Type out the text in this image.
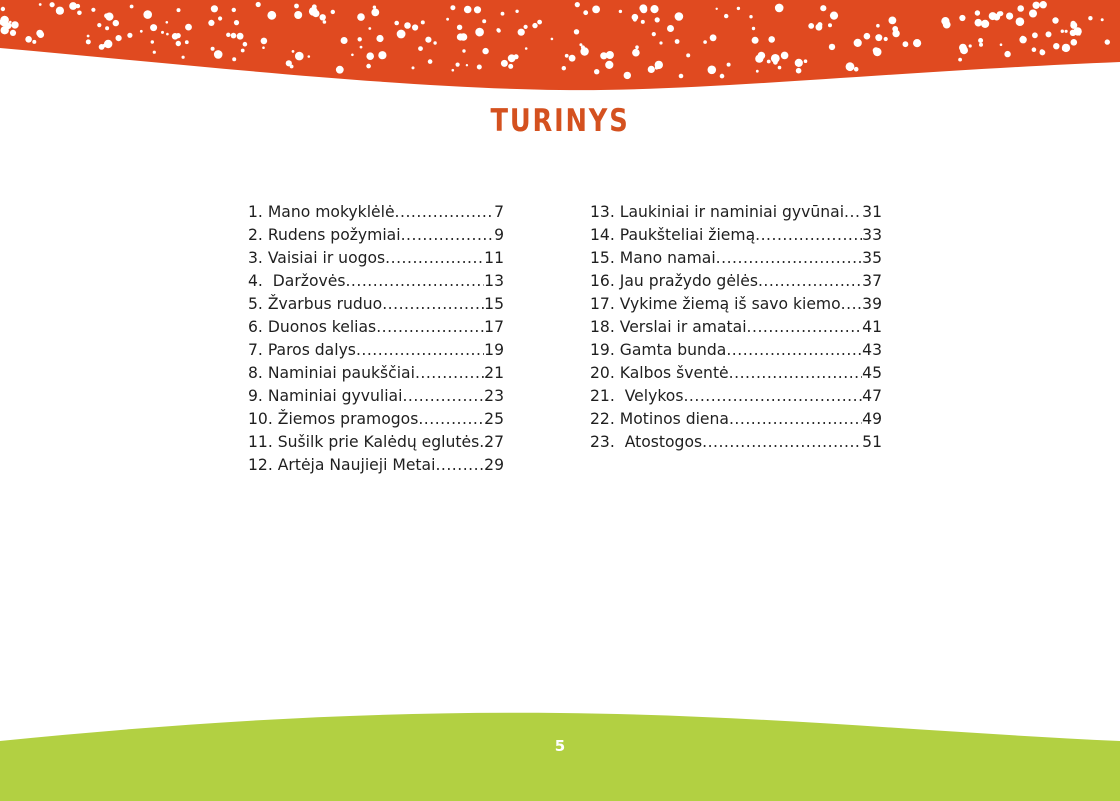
TURINYS
1. Mano mokyklėlė .....	7
2. Rudens požymiai .....	9
3. Vaisiai ir uogos .....	11
4.  Daržovės .....	13
5. Žvarbus ruduo .....	15
6. Duonos kelias .....	17
7. Paros dalys .....	19
8. Naminiai paukščiai .....	21
9. Naminiai gyvuliai .....	23
10. Žiemos pramogos .....	25
11. Sušilk prie Kalėdų eglutės ..... 27
12. Artėja Naujieji Metai .....	29
13. Laukiniai ir naminiai gyvūnai ..... 31
14. Paukšteliai žiemą .....	33
15. Mano namai .....	35
16. Jau pražydo gėlės .....	37
17. Vykime žiemą iš savo kiemo ..... 39
18. Verslai ir amatai .....	41
19. Gamta bunda .....	43
20. Kalbos šventė .....	45
21.  Velykos .....	47
22. Motinos diena .....	49
23.  Atostogos .....	51
5
